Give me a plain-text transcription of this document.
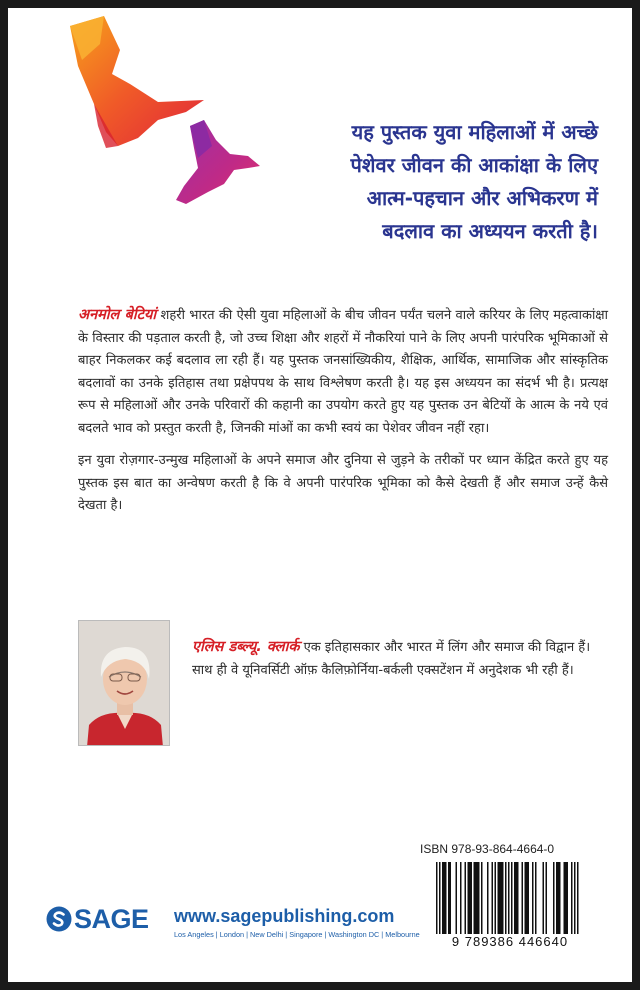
यह पुस्तक युवा महिलाओं में अच्छे
पेशेवर जीवन की आकांक्षा के लिए
आत्म-पहचान और अभिकरण में
बदलाव का अध्ययन करती है।

अनमोल बेटियां शहरी भारत की ऐसी युवा महिलाओं के बीच जीवन पर्यंत चलने वाले करियर के लिए महत्वाकांक्षा के विस्तार की पड़ताल करती है, जो उच्च शिक्षा और शहरों में नौकरियां पाने के लिए अपनी पारंपरिक भूमिकाओं से बाहर निकलकर कई बदलाव ला रही हैं। यह पुस्तक जनसांख्यिकीय, शैक्षिक, आर्थिक, सामाजिक और सांस्कृतिक बदलावों का उनके इतिहास तथा प्रक्षेपपथ के साथ विश्लेषण करती है। यह इस अध्ययन का संदर्भ भी है। प्रत्यक्ष रूप से महिलाओं और उनके परिवारों की कहानी का उपयोग करते हुए यह पुस्तक उन बेटियों के आत्म के नये एवं बदलते भाव को प्रस्तुत करती है, जिनकी मांओं का कभी स्वयं का पेशेवर जीवन नहीं रहा।

इन युवा रोज़गार-उन्मुख महिलाओं के अपने समाज और दुनिया से जुड़ने के तरीकों पर ध्यान केंद्रित करते हुए यह पुस्तक इस बात का अन्वेषण करती है कि वे अपनी पारंपरिक भूमिका को कैसे देखती हैं और समाज उन्हें कैसे देखता है।

एलिस डब्ल्यू. क्लार्क एक इतिहासकार और भारत में लिंग और समाज की विद्वान हैं। साथ ही वे यूनिवर्सिटी ऑफ़ कैलिफ़ोर्निया-बर्कली एक्सटेंशन में अनुदेशक भी रही हैं।
ISBN 978-93-864-4664-0
9 789386 446640
SAGE www.sagepublishing.com
Los Angeles | London | New Delhi | Singapore | Washington DC | Melbourne
